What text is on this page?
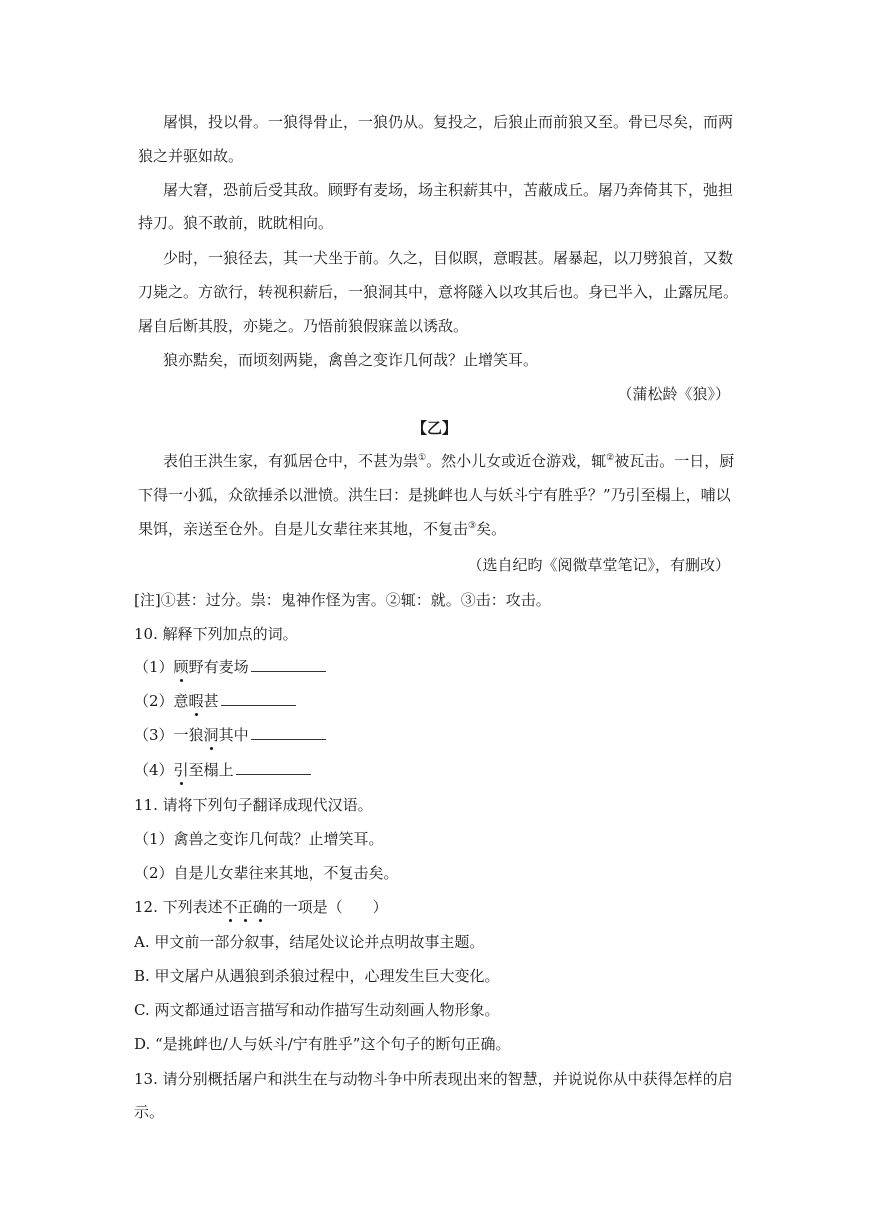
屠惧，投以骨。一狼得骨止，一狼仍从。复投之，后狼止而前狼又至。骨已尽矣，而两
狼之并驱如故。
屠大窘，恐前后受其敌。顾野有麦场，场主积薪其中，苫蔽成丘。屠乃奔倚其下，弛担
持刀。狼不敢前，眈眈相向。
少时，一狼径去，其一犬坐于前。久之，目似瞑，意暇甚。屠暴起，以刀劈狼首，又数
刀毙之。方欲行，转视积薪后，一狼洞其中，意将隧入以攻其后也。身已半入，止露尻尾。
屠自后断其股，亦毙之。乃悟前狼假寐盖以诱敌。
狼亦黠矣，而顷刻两毙，禽兽之变诈几何哉？止增笑耳。
（蒲松龄《狼》）
【乙】
表伯王洪生家，有狐居仓中，不甚为祟①。然小儿女或近仓游戏，辄②被瓦击。一日，厨
下得一小狐，众欲捶杀以泄愤。洪生曰：是挑衅也人与妖斗宁有胜乎？”乃引至榻上，哺以
果饵，亲送至仓外。自是儿女辈往来其地，不复击③矣。
（选自纪昀《阅微草堂笔记》，有删改）
[注]①甚：过分。祟：鬼神作怪为害。②辄：就。③击：攻击。
10. 解释下列加点的词。
（1）顾野有麦场
（2）意暇甚
（3）一狼洞其中
（4）引至榻上
11. 请将下列句子翻译成现代汉语。
（1）禽兽之变诈几何哉？止增笑耳。
（2）自是儿女辈往来其地，不复击矣。
12. 下列表述不正确的一项是（　　）
A. 甲文前一部分叙事，结尾处议论并点明故事主题。
B. 甲文屠户从遇狼到杀狼过程中，心理发生巨大变化。
C. 两文都通过语言描写和动作描写生动刻画人物形象。
D. “是挑衅也/人与妖斗/宁有胜乎”这个句子的断句正确。
13. 请分别概括屠户和洪生在与动物斗争中所表现出来的智慧，并说说你从中获得怎样的启
示。
